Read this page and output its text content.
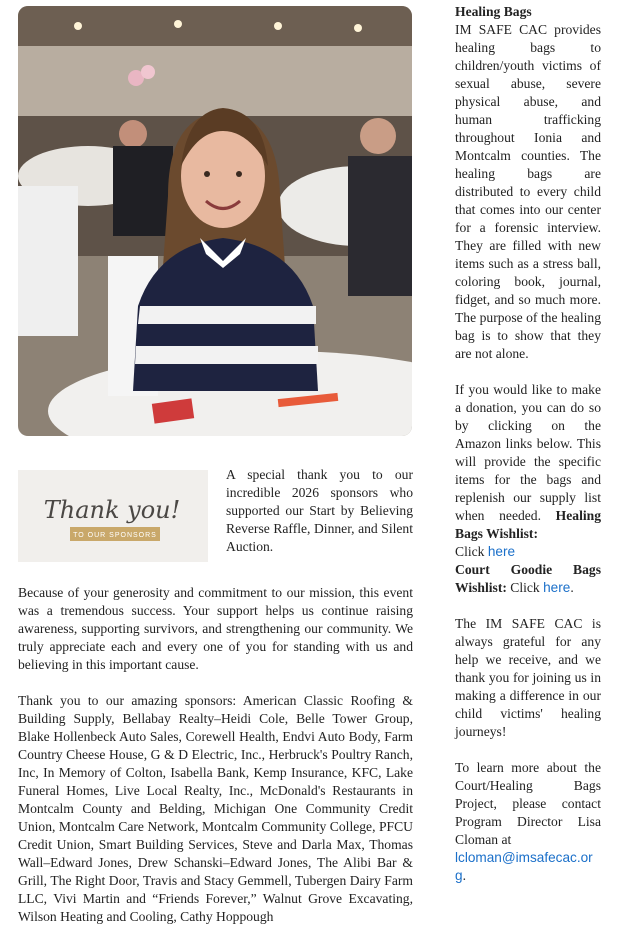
Thank you!
TO OUR SPONSORS
A special thank you to our incredible 2026 sponsors who supported our Start by Believing Reverse Raffle, Dinner, and Silent Auction.

Because of your generosity and commitment to our mission, this event was a tremendous success. Your support helps us continue raising awareness, supporting survivors, and strengthening our community. We truly appreciate each and every one of you for standing with us and believing in this important cause.

Thank you to our amazing sponsors: American Classic Roofing & Building Supply, Bellabay Realty–Heidi Cole, Belle Tower Group, Blake Hollenbeck Auto Sales, Corewell Health, Endvi Auto Body, Farm Country Cheese House, G & D Electric, Inc., Herbruck's Poultry Ranch, Inc, In Memory of Colton, Isabella Bank, Kemp Insurance, KFC, Lake Funeral Homes, Live Local Realty, Inc., McDonald's Restaurants in Montcalm County and Belding, Michigan One Community Credit Union, Montcalm Care Network, Montcalm Community College, PFCU Credit Union, Smart Building Services, Steve and Darla Max, Thomas Wall–Edward Jones, Drew Schanski–Edward Jones, The Alibi Bar & Grill, The Right Door, Travis and Stacy Gemmell, Tubergen Dairy Farm LLC, Vivi Martin and “Friends Forever,” Walnut Grove Excavating, Wilson Heating and Cooling, Cathy Hoppough

Healing Bags
IM SAFE CAC provides healing bags to children/youth victims of sexual abuse, severe physical abuse, and human trafficking throughout Ionia and Montcalm counties. The healing bags are distributed to every child that comes into our center for a forensic interview. They are filled with new items such as a stress ball, coloring book, journal, fidget, and so much more. The purpose of the healing bag is to show that they are not alone.

If you would like to make a donation, you can do so by clicking on the Amazon links below. This will provide the specific items for the bags and replenish our supply list when needed. Healing Bags Wishlist:
Click here
Court Goodie Bags Wishlist: Click here.

The IM SAFE CAC is always grateful for any help we receive, and we thank you for joining us in making a difference in our child victims' healing journeys!

To learn more about the Court/Healing Bags Project, please contact Program Director Lisa Cloman at
lcloman@imsafecac.org.
